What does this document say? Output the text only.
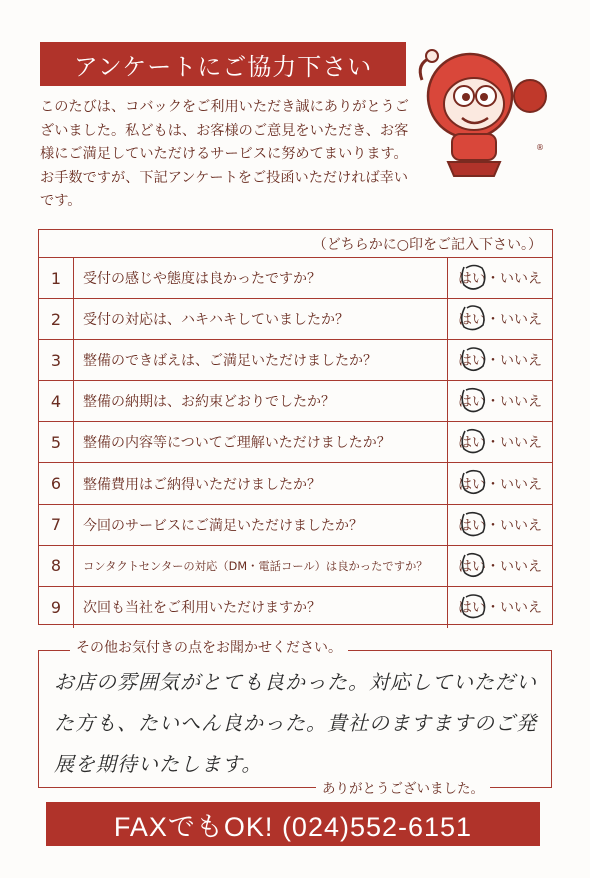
アンケートにご協力下さい
®
このたびは、コバックをご利用いただき誠にありがとうございました。私どもは、お客様のご意見をいただき、お客様にご満足していただけるサービスに努めてまいります。お手数ですが、下記アンケートをご投函いただければ幸いです。
（どちらかに○印をご記入下さい。）
1	受付の感じや態度は良かったですか？	はい・いいえ
2	受付の対応は、ハキハキしていましたか？	はい・いいえ
3	整備のできばえは、ご満足いただけましたか？	はい・いいえ
4	整備の納期は、お約束どおりでしたか？	はい・いいえ
5	整備の内容等についてご理解いただけましたか？	はい・いいえ
6	整備費用はご納得いただけましたか？	はい・いいえ
7	今回のサービスにご満足いただけましたか？	はい・いいえ
8	コンタクトセンターの対応（DM・電話コール）は良かったですか？	はい・いいえ
9	次回も当社をご利用いただけますか？	はい・いいえ
その他お気付きの点をお聞かせください。
お店の雰囲気がとても良かった。対応していただいた方も、たいへん良かった。貴社のますますのご発展を期待いたします。
ありがとうございました。
FAXでもOK! (024)552-6151
